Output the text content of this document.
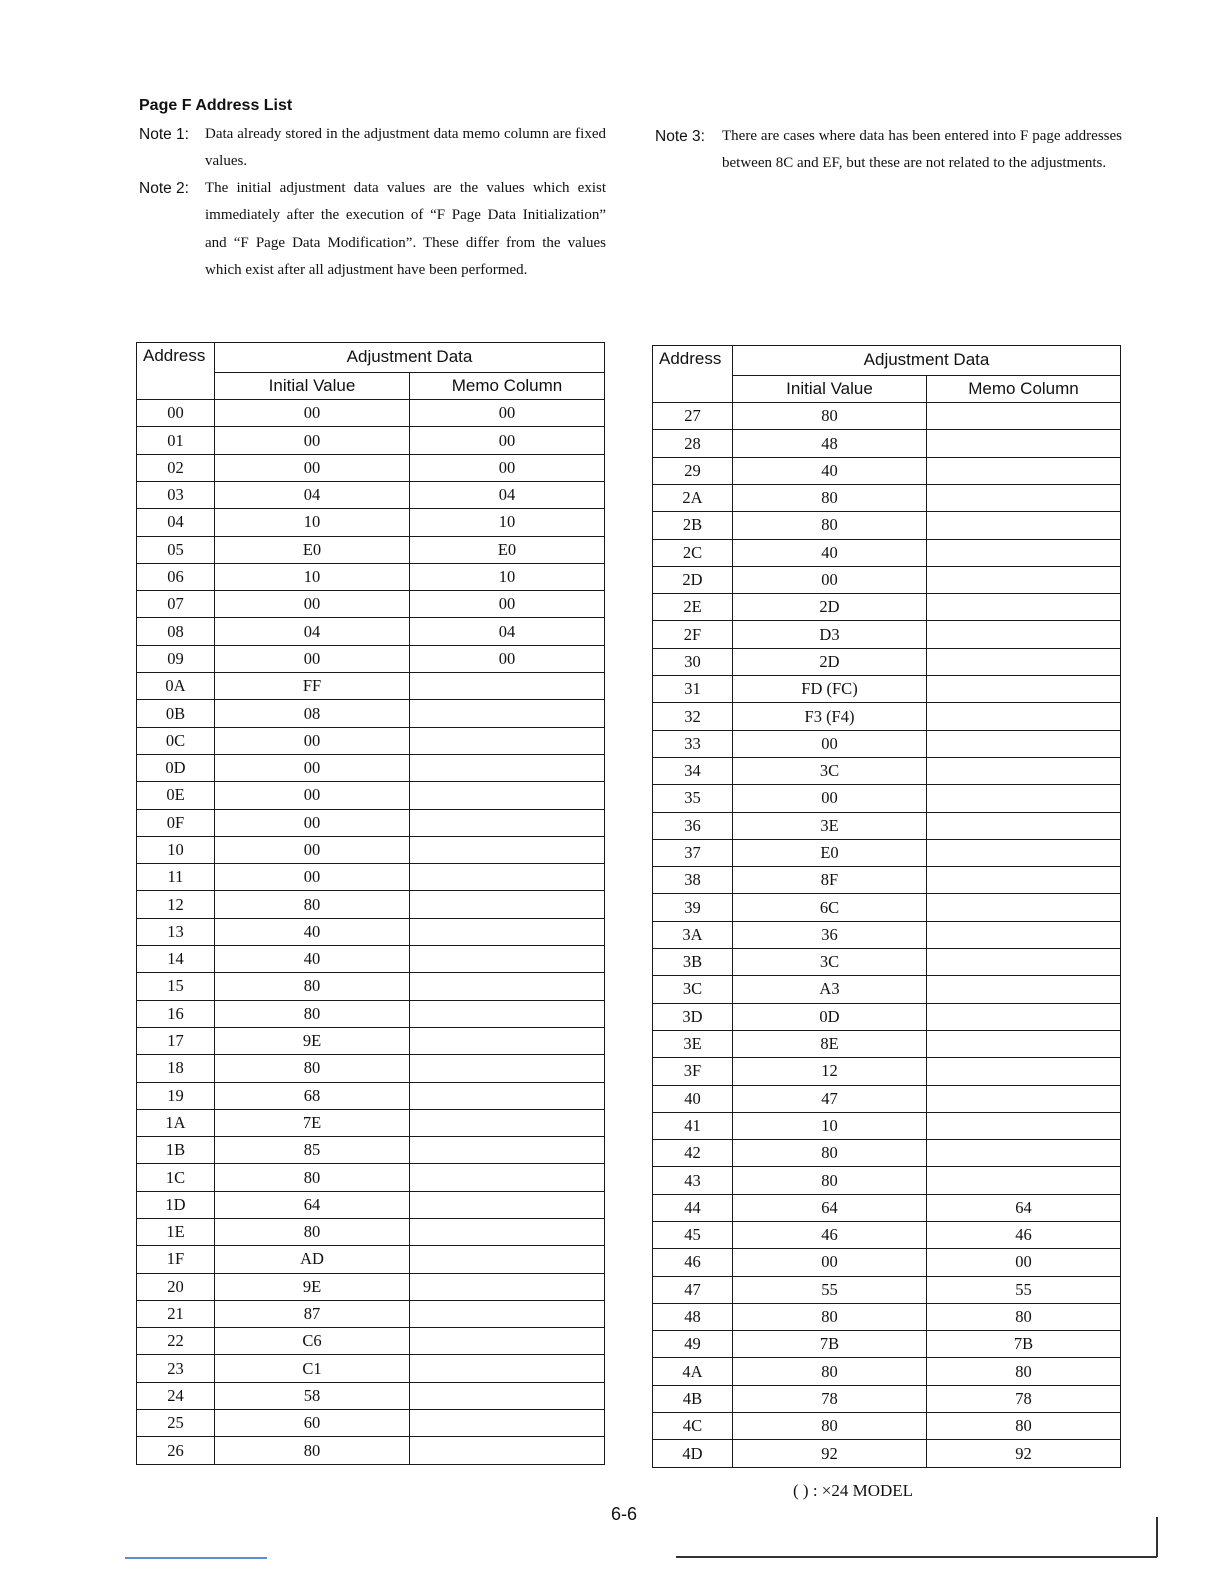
Page F Address List
Note 1: Data already stored in the adjustment data memo column are fixed values.
Note 2: The initial adjustment data values are the values which exist immediately after the execution of “F Page Data Initialization” and “F Page Data Modification”. These differ from the values which exist after all adjustment have been performed.
Note 3: There are cases where data has been entered into F page addresses between 8C and EF, but these are not related to the adjustments.
Address	Adjustment Data	
	Initial Value	Memo Column
00	00	00
01	00	00
02	00	00
03	04	04
04	10	10
05	E0	E0
06	10	10
07	00	00
08	04	04
09	00	00
0A	FF	
0B	08	
0C	00	
0D	00	
0E	00	
0F	00	
10	00	
11	00	
12	80	
13	40	
14	40	
15	80	
16	80	
17	9E	
18	80	
19	68	
1A	7E	
1B	85	
1C	80	
1D	64	
1E	80	
1F	AD	
20	9E	
21	87	
22	C6	
23	C1	
24	58	
25	60	
26	80	
Address	Adjustment Data	
	Initial Value	Memo Column
27	80	
28	48	
29	40	
2A	80	
2B	80	
2C	40	
2D	00	
2E	2D	
2F	D3	
30	2D	
31	FD (FC)	
32	F3 (F4)	
33	00	
34	3C	
35	00	
36	3E	
37	E0	
38	8F	
39	6C	
3A	36	
3B	3C	
3C	A3	
3D	0D	
3E	8E	
3F	12	
40	47	
41	10	
42	80	
43	80	
44	64	64
45	46	46
46	00	00
47	55	55
48	80	80
49	7B	7B
4A	80	80
4B	78	78
4C	80	80
4D	92	92
( ) : ×24 MODEL
6-6
